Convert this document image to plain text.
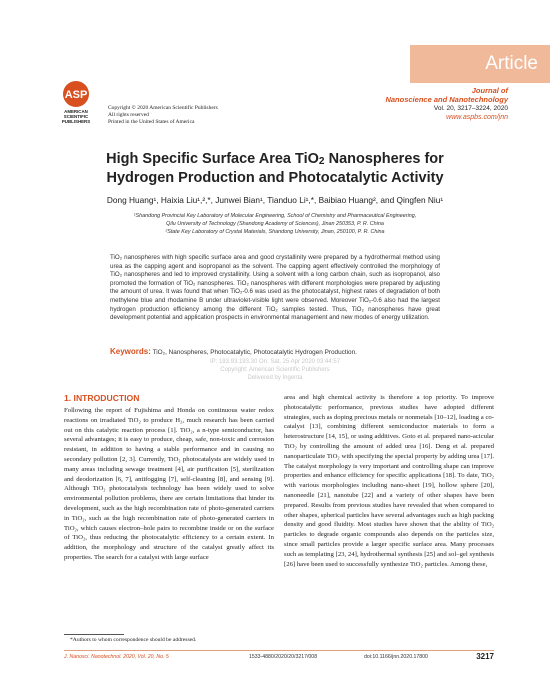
Article
ASP
AMERICAN
SCIENTIFIC
PUBLISHERS
Copyright © 2020 American Scientific Publishers
All rights reserved
Printed in the United States of America
Journal of
Nanoscience and Nanotechnology
Vol. 20, 3217–3224, 2020
www.aspbs.com/jnn
High Specific Surface Area TiO$_2$ Nanospheres for
Hydrogen Production and Photocatalytic Activity
Dong Huang¹, Haixia Liu¹,²,*, Junwei Bian¹, Tianduo Li¹,*, Baibiao Huang², and Qingfen Niu¹
¹Shandong Provincial Key Laboratory of Molecular Engineering, School of Chemistry and Pharmaceutical Engineering,
Qilu University of Technology (Shandong Academy of Sciences), Jinan 250353, P. R. China
²State Key Laboratory of Crystal Materials, Shandong University, Jinan, 250100, P. R. China
TiO₂ nanospheres with high specific surface area and good crystallinity were prepared by a hydrothermal method using urea as the capping agent and isopropanol as the solvent. The capping agent effectively controlled the morphology of TiO₂ nanospheres and led to improved crystallinity. Using a solvent with a long carbon chain, such as isopropanol, also promoted the formation of TiO₂ nanospheres. TiO₂ nanospheres with different morphologies were prepared by adjusting the amount of urea. It was found that when TiO₂-0.6 was used as the photocatalyst, highest rates of degradation of both methylene blue and rhodamine B under ultraviolet-visible light were observed. Moreover TiO₂-0.6 also had the largest hydrogen production efficiency among the different TiO₂ samples tested. Thus, TiO₂ nanospheres have great development potential and application prospects in environmental management and new modes of energy utilization.
Keywords: TiO₂, Nanospheres, Photocatalytic, Photocatalytic Hydrogen Production.
IP: 193.93.193.30 On: Sat, 25 Apr 2020 03:44:57
Copyright: American Scientific Publishers
Delivered by Ingenta
1. INTRODUCTION
Following the report of Fujishima and Honda on continuous water redox reactions on irradiated TiO₂ to produce H₂, much research has been carried out on this catalytic reaction process [1]. TiO₂, a n-type semiconductor, has several advantages; it is easy to produce, cheap, safe, non-toxic and corrosion resistant, in addition to having a stable performance and in causing no secondary pollution [2, 3]. Currently, TiO₂ photocatalysts are widely used in many areas including sewage treatment [4], air purification [5], sterilization and deodorization [6, 7], antifogging [7], self-cleaning [8], and sensing [9]. Although TiO₂ photocatalysis technology has been widely used to solve environmental pollution problems, there are certain limitations that hinder its development, such as the high recombination rate of photo-generated carriers in TiO₂, such as the high recombination rate of photo-generated carriers in TiO₂, which causes electron–hole pairs to recombine inside or on the surface of TiO₂, thus reducing the photocatalytic efficiency to a certain extent. In addition, the morphology and structure of the catalyst greatly affect its properties. The search for a catalyst with large surface
area and high chemical activity is therefore a top priority. To improve photocatalytic performance, previous studies have adopted different strategies, such as doping precious metals or nonmetals [10–12], loading a co-catalyst [13], combining different semiconductor materials to form a heterostructure [14, 15], or using additives. Goto et al. prepared nano-acicular TiO₂ by controlling the amount of added urea [16]. Deng et al. prepared nanoparticulate TiO₂ with specifying the special property by adding urea [17]. The catalyst morphology is very important and controlling shape can improve properties and enhance efficiency for specific applications [18]. To date, TiO₂ with various morphologies including nano-sheet [19], hollow sphere [20], nanoneedle [21], nanotube [22] and a variety of other shapes have been prepared. Results from previous studies have revealed that when compared to other shapes, spherical particles have several advantages such as high packing density and good fluidity. Most studies have shown that the ability of TiO₂ particles to degrade organic compounds also depends on the particles size, since small particles provide a larger specific surface area. Many processes such as templating [23, 24], hydrothermal synthesis [25] and sol–gel synthesis [26] have been used to successfully synthesize TiO₂ particles. Among these,
*Authors to whom correspondence should be addressed.
J. Nanosci. Nanotechnol. 2020, Vol. 20, No. 5	1533-4880/2020/20/3217/008	doi:10.1166/jnn.2020.17800	3217
